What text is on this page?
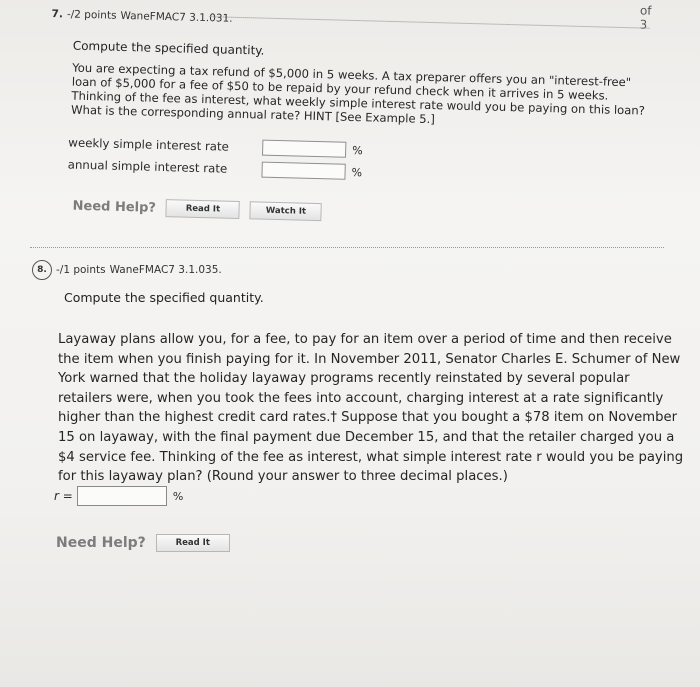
of 3
7. -/2 points WaneFMAC7 3.1.031.
Compute the specified quantity.
You are expecting a tax refund of $5,000 in 5 weeks. A tax preparer offers you an "interest-free" loan of $5,000 for a fee of $50 to be repaid by your refund check when it arrives in 5 weeks. Thinking of the fee as interest, what weekly simple interest rate would you be paying on this loan? What is the corresponding annual rate? HINT [See Example 5.]
weekly simple interest rate	%
annual simple interest rate	%
Need Help?	Read It	Watch It
8. -/1 points WaneFMAC7 3.1.035.
Compute the specified quantity.
Layaway plans allow you, for a fee, to pay for an item over a period of time and then receive the item when you finish paying for it. In November 2011, Senator Charles E. Schumer of New York warned that the holiday layaway programs recently reinstated by several popular retailers were, when you took the fees into account, charging interest at a rate significantly higher than the highest credit card rates.† Suppose that you bought a $78 item on November 15 on layaway, with the final payment due December 15, and that the retailer charged you a $4 service fee. Thinking of the fee as interest, what simple interest rate r would you be paying for this layaway plan? (Round your answer to three decimal places.)
r =	%
Need Help?	Read It
